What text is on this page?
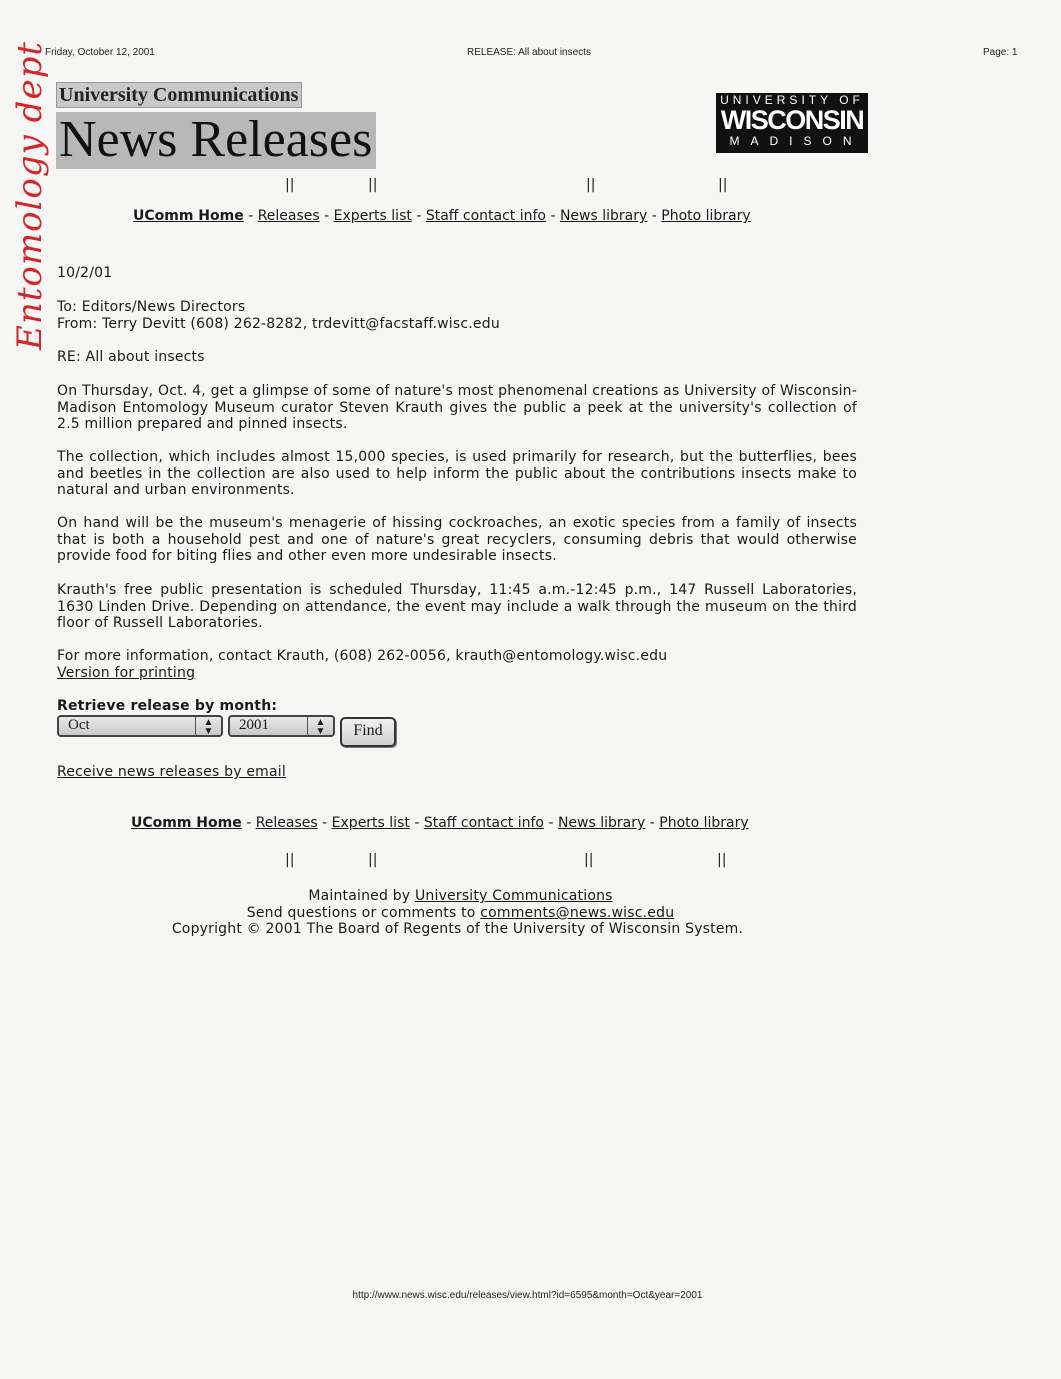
Friday, October 12, 2001	RELEASE: All about insects	Page: 1
Entomology dept University Communications
News Releases
UNIVERSITY OF
WISCONSIN
MADISON
||	||	||	||
UComm Home - Releases - Experts list - Staff contact info - News library - Photo library
10/2/01
To: Editors/News Directors
From: Terry Devitt (608) 262-8282, trdevitt@facstaff.wisc.edu
RE: All about insects

On Thursday, Oct. 4, get a glimpse of some of nature's most phenomenal creations as University of Wisconsin-Madison Entomology Museum curator Steven Krauth gives the public a peek at the university's collection of 2.5 million prepared and pinned insects.

The collection, which includes almost 15,000 species, is used primarily for research, but the butterflies, bees and beetles in the collection are also used to help inform the public about the contributions insects make to natural and urban environments.

On hand will be the museum's menagerie of hissing cockroaches, an exotic species from a family of insects that is both a household pest and one of nature's great recyclers, consuming debris that would otherwise provide food for biting flies and other even more undesirable insects.

Krauth's free public presentation is scheduled Thursday, 11:45 a.m.-12:45 p.m., 147 Russell Laboratories, 1630 Linden Drive. Depending on attendance, the event may include a walk through the museum on the third floor of Russell Laboratories.

For more information, contact Krauth, (608) 262-0056, krauth@entomology.wisc.edu

Version for printing
Retrieve release by month:
Oct	▲
▼	2001	▲
▼	Find
Receive news releases by email
UComm Home - Releases - Experts list - Staff contact info - News library - Photo library
||	||	||	||
Maintained by University Communications
Send questions or comments to comments@news.wisc.edu
Copyright © 2001 The Board of Regents of the University of Wisconsin System.
http://www.news.wisc.edu/releases/view.html?id=6595&month=Oct&year=2001
